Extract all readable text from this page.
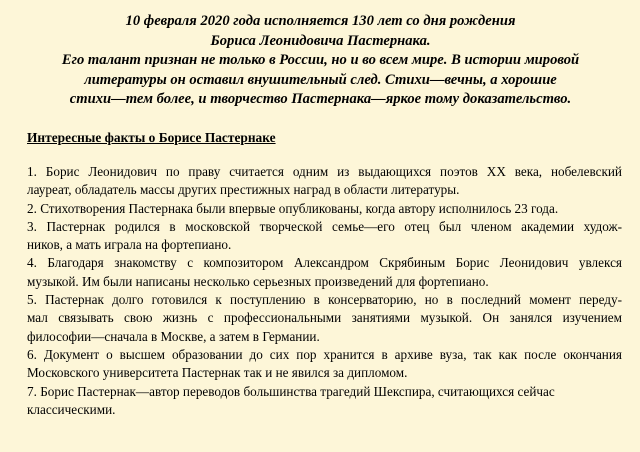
10 февраля 2020 года исполняется 130 лет со дня рождения
Бориса Леонидовича Пастернака.
Его талант признан не только в России, но и во всем мире. В истории мировой
литературы он оставил внушительный след. Стихи—вечны, а хорошие
стихи—тем более, и творчество Пастернака—яркое тому доказательство.
Интересные факты о Борисе Пастернаке
1. Борис Леонидович по праву считается одним из выдающихся поэтов XX века, нобелевский
лауреат, обладатель массы других престижных наград в области литературы.
2. Стихотворения Пастернака были впервые опубликованы, когда автору исполнилось 23 года.
3. Пастернак родился в московской творческой семье—его отец был членом академии худож-
ников, а мать играла на фортепиано.
4. Благодаря знакомству с композитором Александром Скрябиным Борис Леонидович увлекся
музыкой. Им были написаны несколько серьезных произведений для фортепиано.
5. Пастернак долго готовился к поступлению в консерваторию, но в последний момент переду-
мал связывать свою жизнь с профессиональными занятиями музыкой. Он занялся изучением
философии—сначала в Москве, а затем в Германии.
6. Документ о высшем образовании до сих пор хранится в архиве вуза, так как после окончания
Московского университета Пастернак так и не явился за дипломом.
7. Борис Пастернак—автор переводов большинства трагедий Шекспира, считающихся сейчас
классическими.
